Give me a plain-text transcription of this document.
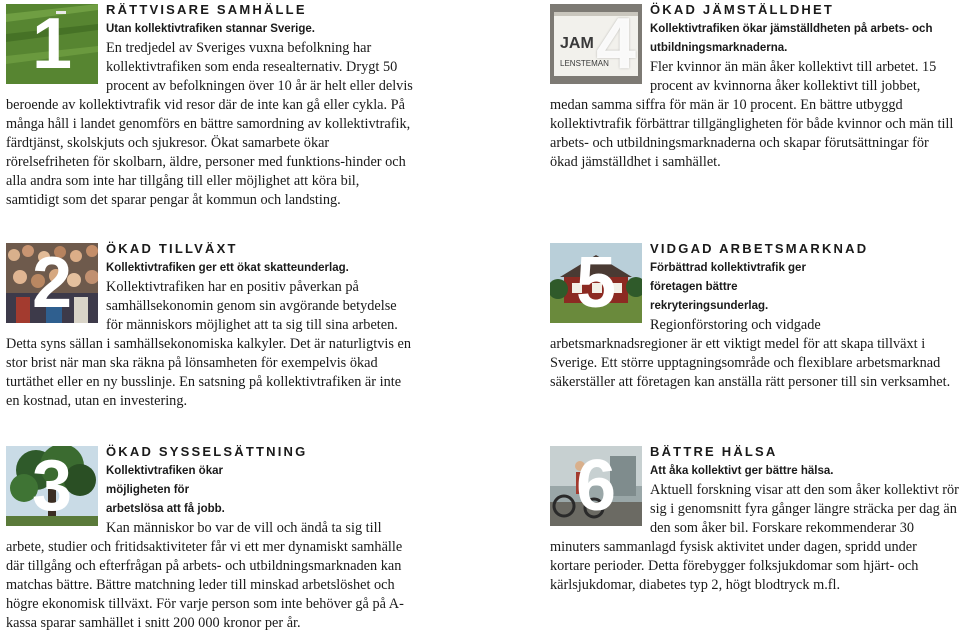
1	RÄTTVISARE SAMHÄLLE
Utan kollektivtrafiken stannar Sverige.
En tredjedel av Sveriges vuxna befolkning har kollektivtrafiken som enda resealternativ. Drygt 50 procent av befolkningen över 10 år är helt eller delvis beroende av kollektivtrafik vid resor där de inte kan gå eller cykla. På många håll i landet genomförs en bättre samordning av kollektivtrafik, färdtjänst, skolskjuts och sjukresor. Ökat samarbete ökar rörelsefriheten för skolbarn, äldre, personer med funktions-hinder och alla andra som inte har tillgång till eller möjlighet att köra bil, samtidigt som det sparar pengar åt kommun och landsting.
2	ÖKAD TILLVÄXT
Kollektivtrafiken ger ett ökat skatteunderlag.
Kollektivtrafiken har en positiv påverkan på samhällsekonomin genom sin avgörande betydelse för människors möjlighet att ta sig till sina arbeten. Detta syns sällan i samhällsekonomiska kalkyler. Det är naturligtvis en stor brist när man ska räkna på lönsamheten för exempelvis ökad turtäthet eller en ny busslinje. En satsning på kollektivtrafiken är inte en kostnad, utan en investering.
3	ÖKAD SYSSELSÄTTNING
Kollektivtrafiken ökar möjligheten för arbetslösa att få jobb.
Kan människor bo var de vill och ändå ta sig till arbete, studier och fritidsaktiviteter får vi ett mer dynamiskt samhälle där tillgång och efterfrågan på arbets- och utbildningsmarknaden kan matchas bättre. Bättre matchning leder till minskad arbetslöshet och högre ekonomisk tillväxt. För varje person som inte behöver gå på A-kassa sparar samhället i snitt 200 000 kronor per år.
JAM
LENSTEMAN
4	ÖKAD JÄMSTÄLLDHET
Kollektivtrafiken ökar jämställdheten på arbets- och utbildningsmarknaderna.
Fler kvinnor än män åker kollektivt till arbetet. 15 procent av kvinnorna åker kollektivt till jobbet, medan samma siffra för män är 10 procent. En bättre utbyggd kollektivtrafik förbättrar tillgängligheten för både kvinnor och män till arbets- och utbildningsmarknaderna och skapar förutsättningar för ökad jämställdhet i samhället.
5	VIDGAD ARBETSMARKNAD
Förbättrad kollektivtrafik ger företagen bättre rekryteringsunderlag.
Regionförstoring och vidgade arbetsmarknadsregioner är ett viktigt medel för att skapa tillväxt i Sverige. Ett större upptagningsområde och flexiblare arbetsmarknad säkerställer att företagen kan anställa rätt personer till sin verksamhet.
6	BÄTTRE HÄLSA
Att åka kollektivt ger bättre hälsa.
Aktuell forskning visar att den som åker kollektivt rör sig i genomsnitt fyra gånger längre sträcka per dag än den som åker bil. Forskare rekommenderar 30 minuters sammanlagd fysisk aktivitet under dagen, spridd under kortare perioder. Detta förebygger folksjukdomar som hjärt- och kärlsjukdomar, diabetes typ 2, högt blodtryck m.fl.
